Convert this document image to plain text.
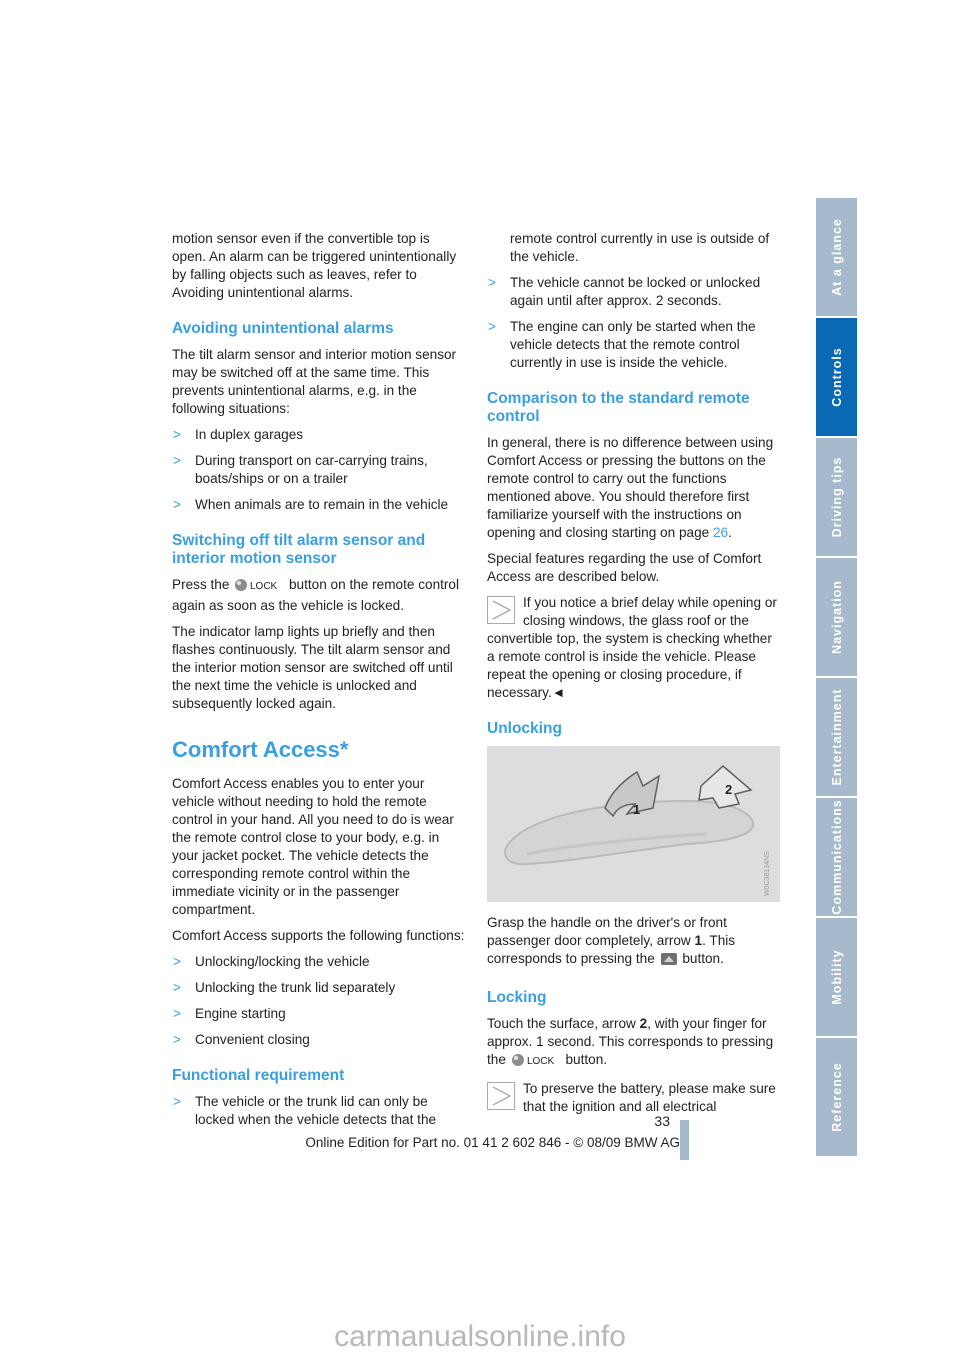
motion sensor even if the convertible top is open. An alarm can be triggered unintentionally by falling objects such as leaves, refer to Avoiding unintentional alarms.

Avoiding unintentional alarms

The tilt alarm sensor and interior motion sensor may be switched off at the same time. This prevents unintentional alarms, e.g. in the following situations:

> In duplex garages
> During transport on car-carrying trains, boats/ships or on a trailer
> When animals are to remain in the vehicle
Switching off tilt alarm sensor and interior motion sensor

Press the LOCK button on the remote control again as soon as the vehicle is locked.

The indicator lamp lights up briefly and then flashes continuously. The tilt alarm sensor and the interior motion sensor are switched off until the next time the vehicle is unlocked and subsequently locked again.

Comfort Access*

Comfort Access enables you to enter your vehicle without needing to hold the remote control in your hand. All you need to do is wear the remote control close to your body, e.g. in your jacket pocket. The vehicle detects the corresponding remote control within the immediate vicinity or in the passenger compartment.

Comfort Access supports the following functions:

> Unlocking/locking the vehicle
> Unlocking the trunk lid separately
> Engine starting
> Convenient closing
Functional requirement
> The vehicle or the trunk lid can only be locked when the vehicle detects that the
remote control currently in use is outside of the vehicle.
> The vehicle cannot be locked or unlocked again until after approx. 2 seconds.
> The engine can only be started when the vehicle detects that the remote control currently in use is inside the vehicle.
Comparison to the standard remote control

In general, there is no difference between using Comfort Access or pressing the buttons on the remote control to carry out the functions mentioned above. You should therefore first familiarize yourself with the instructions on opening and closing starting on page 26.

Special features regarding the use of Comfort Access are described below.

If you notice a brief delay while opening or closing windows, the glass roof or the
convertible top, the system is checking whether a remote control is inside the vehicle. Please repeat the opening or closing procedure, if necessary.◄
Unlocking
1
2
W0C38134NS

Grasp the handle on the driver's or front passenger door completely, arrow 1. This corresponds to pressing the button.

Locking

Touch the surface, arrow 2, with your finger for approx. 1 second. This corresponds to pressing the LOCK button.

To preserve the battery, please make sure that the ignition and all electrical
At a glance
Controls
Driving tips
Navigation
Entertainment
Communications
Mobility
Reference
33
Online Edition for Part no. 01 41 2 602 846 - © 08/09 BMW AG
carmanualsonline.info
